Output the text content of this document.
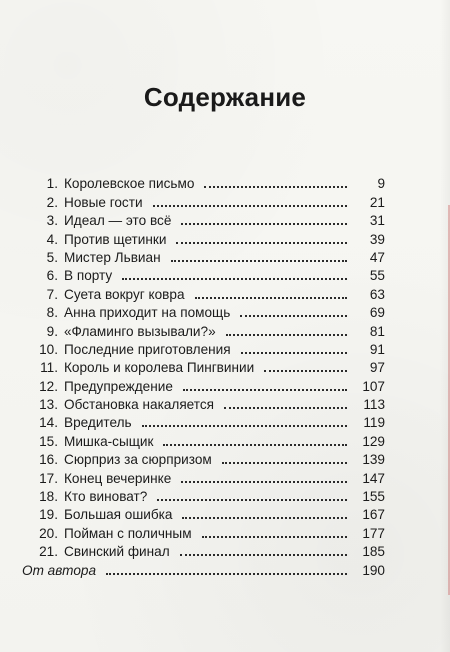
Содержание
1. Королевское письмо	9
2. Новые гости	21
3. Идеал — это всё	31
4. Против щетинки	39
5. Мистер Львиан	47
6. В порту	55
7. Суета вокруг ковра	63
8. Анна приходит на помощь	69
9. «Фламинго вызывали?»	81
10. Последние приготовления	91
11. Король и королева Пингвинии	97
12. Предупреждение	107
13. Обстановка накаляется	113
14. Вредитель	119
15. Мишка-сыщик	129
16. Сюрприз за сюрпризом	139
17. Конец вечеринке	147
18. Кто виноват?	155
19. Большая ошибка	167
20. Пойман с поличным	177
21. Свинский финал	185
От автора	190
